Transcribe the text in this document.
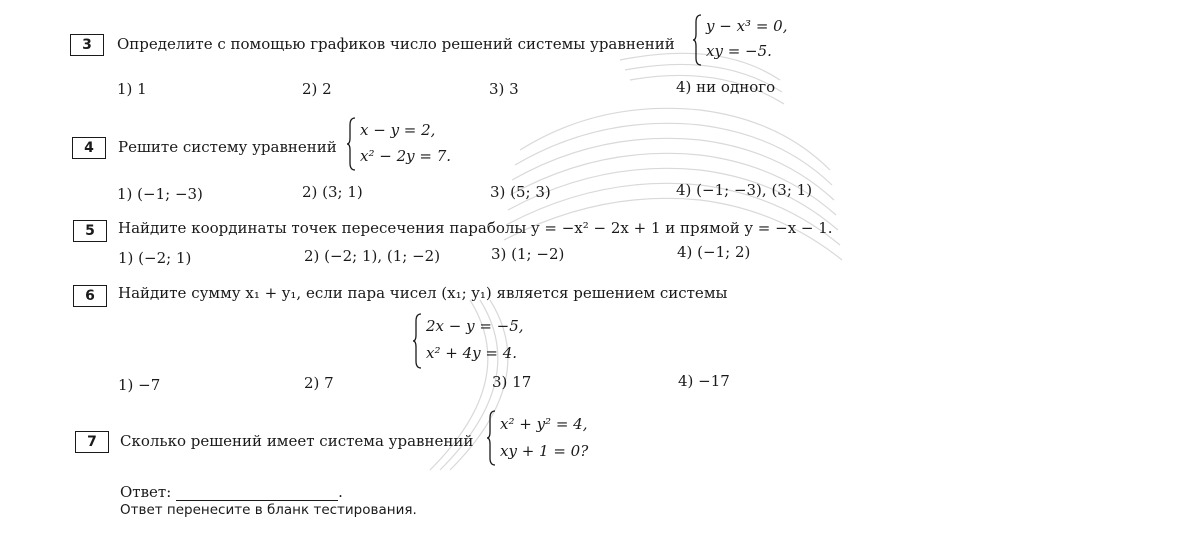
3	Определите с помощью графиков число решений системы уравнений
y − x³ = 0,
xy = −5.
1) 1	2) 2	3) 3	4) ни одного
4	Решите систему уравнений
x − y = 2,
x² − 2y = 7.
1) (−1; −3)	2) (3; 1)	3) (5; 3)	4) (−1; −3), (3; 1)
5	Найдите координаты точек пересечения параболы y = −x² − 2x + 1 и прямой y = −x − 1.
1) (−2; 1)	2) (−2; 1), (1; −2)	3) (1; −2)	4) (−1; 2)
6	Найдите сумму x₁ + y₁, если пара чисел (x₁; y₁) является решением системы
2x − y = −5,
x² + 4y = 4.
1) −7	2) 7	3) 17	4) −17
7	Сколько решений имеет система уравнений
x² + y² = 4,
xy + 1 = 0?
Ответ:	.
Ответ перенесите в бланк тестирования.
